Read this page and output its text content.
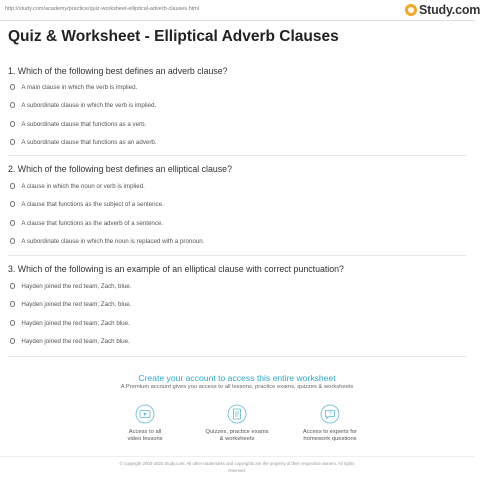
http://study.com/academy/practice/quiz-worksheet-elliptical-adverb-clauses.html	Study.com
Quiz & Worksheet - Elliptical Adverb Clauses
1. Which of the following best defines an adverb clause?
A main clause in which the verb is implied.
A subordinate clause in which the verb is implied.
A subordinate clause that functions as a verb.
A subordinate clause that functions as an adverb.
2. Which of the following best defines an elliptical clause?
A clause in which the noun or verb is implied.
A clause that functions as the subject of a sentence.
A clause that functions as the adverb of a sentence.
A subordinate clause in which the noun is replaced with a pronoun.
3. Which of the following is an example of an elliptical clause with correct punctuation?
Hayden joined the red team, Zach, blue.
Hayden joined the red team; Zach, blue.
Hayden joined the red team; Zach blue.
Hayden joined the red team, Zach blue.
Create your account to access this entire worksheet
A Premium account gives you access to all lessons, practice exams, quizzes & worksheets
Access to all
video lessons
Quizzes, practice exams
& worksheets
?
Access to experts for
homework questions
© copyright 2003-2020 Study.com. All other trademarks and copyrights are the property of their respective owners. All rights
reserved.
